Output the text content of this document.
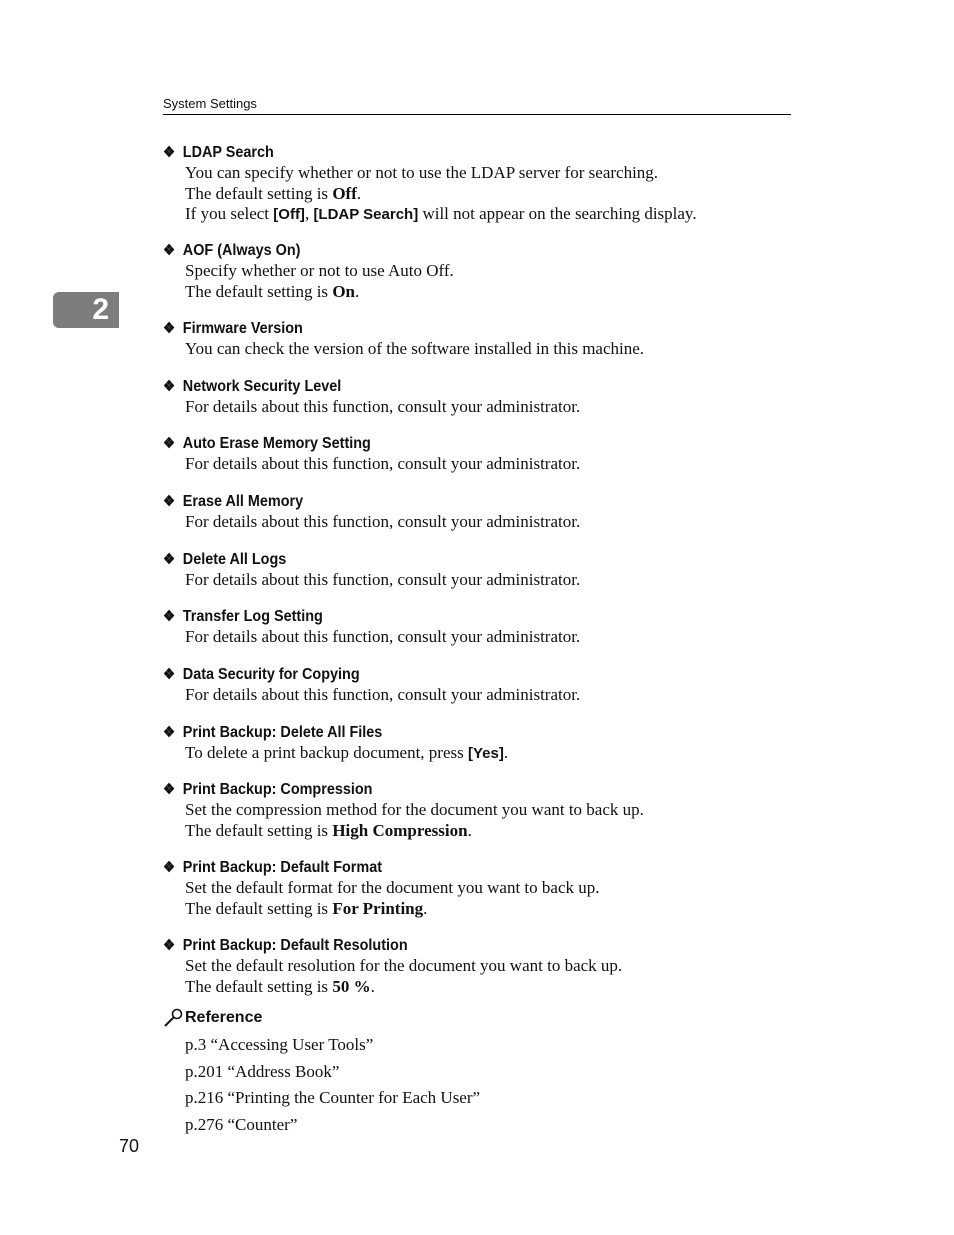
System Settings
2
❖ LDAP Search
You can specify whether or not to use the LDAP server for searching.
The default setting is Off.
If you select [Off], [LDAP Search] will not appear on the searching display.
❖ AOF (Always On)
Specify whether or not to use Auto Off.
The default setting is On.
❖ Firmware Version
You can check the version of the software installed in this machine.
❖ Network Security Level
For details about this function, consult your administrator.
❖ Auto Erase Memory Setting
For details about this function, consult your administrator.
❖ Erase All Memory
For details about this function, consult your administrator.
❖ Delete All Logs
For details about this function, consult your administrator.
❖ Transfer Log Setting
For details about this function, consult your administrator.
❖ Data Security for Copying
For details about this function, consult your administrator.
❖ Print Backup: Delete All Files
To delete a print backup document, press [Yes].
❖ Print Backup: Compression
Set the compression method for the document you want to back up.
The default setting is High Compression.
❖ Print Backup: Default Format
Set the default format for the document you want to back up.
The default setting is For Printing.
❖ Print Backup: Default Resolution
Set the default resolution for the document you want to back up.
The default setting is 50 %.
Reference
p.3 “Accessing User Tools”
p.201 “Address Book”
p.216 “Printing the Counter for Each User”
p.276 “Counter”
70
